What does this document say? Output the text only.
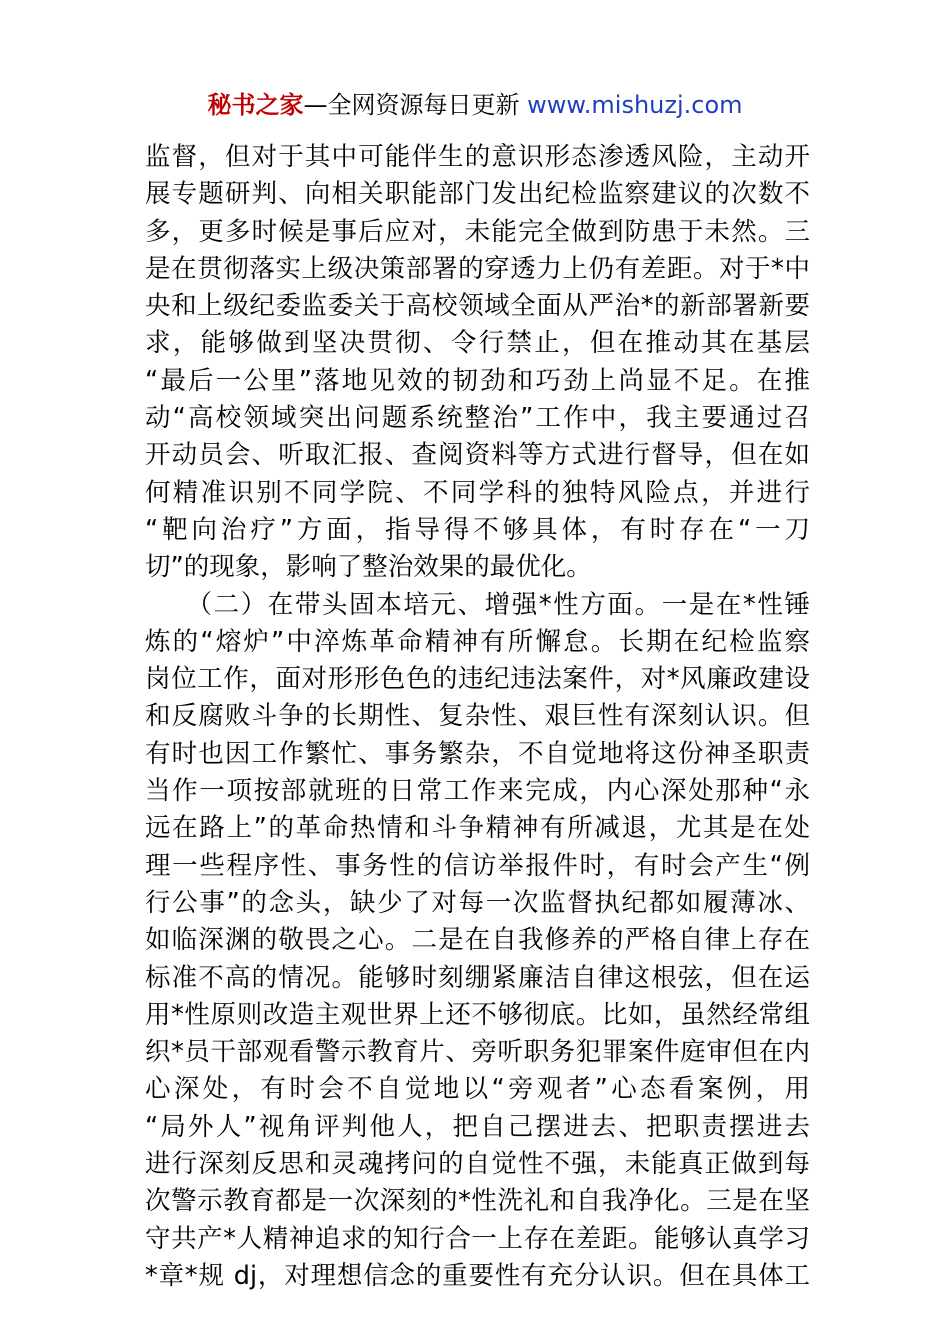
秘书之家—全网资源每日更新 www.mishuzj.com
监督，但对于其中可能伴生的意识形态渗透风险，主动开
展专题研判、向相关职能部门发出纪检监察建议的次数不
多，更多时候是事后应对，未能完全做到防患于未然。三
是在贯彻落实上级决策部署的穿透力上仍有差距。对于*中
央和上级纪委监委关于高校领域全面从严治*的新部署新要
求，能够做到坚决贯彻、令行禁止，但在推动其在基层
“最后一公里”落地见效的韧劲和巧劲上尚显不足。在推
动“高校领域突出问题系统整治”工作中，我主要通过召
开动员会、听取汇报、查阅资料等方式进行督导，但在如
何精准识别不同学院、不同学科的独特风险点，并进行
“靶向治疗”方面，指导得不够具体，有时存在“一刀
切”的现象，影响了整治效果的最优化。
　　（二）在带头固本培元、增强*性方面。一是在*性锤
炼的“熔炉”中淬炼革命精神有所懈怠。长期在纪检监察
岗位工作，面对形形色色的违纪违法案件，对*风廉政建设
和反腐败斗争的长期性、复杂性、艰巨性有深刻认识。但
有时也因工作繁忙、事务繁杂，不自觉地将这份神圣职责
当作一项按部就班的日常工作来完成，内心深处那种“永
远在路上”的革命热情和斗争精神有所减退，尤其是在处
理一些程序性、事务性的信访举报件时，有时会产生“例
行公事”的念头，缺少了对每一次监督执纪都如履薄冰、
如临深渊的敬畏之心。二是在自我修养的严格自律上存在
标准不高的情况。能够时刻绷紧廉洁自律这根弦，但在运
用*性原则改造主观世界上还不够彻底。比如，虽然经常组
织*员干部观看警示教育片、旁听职务犯罪案件庭审但在内
心深处，有时会不自觉地以“旁观者”心态看案例，用
“局外人”视角评判他人，把自己摆进去、把职责摆进去
进行深刻反思和灵魂拷问的自觉性不强，未能真正做到每
次警示教育都是一次深刻的*性洗礼和自我净化。三是在坚
守共产*人精神追求的知行合一上存在差距。能够认真学习
*章*规 dj，对理想信念的重要性有充分认识。但在具体工
